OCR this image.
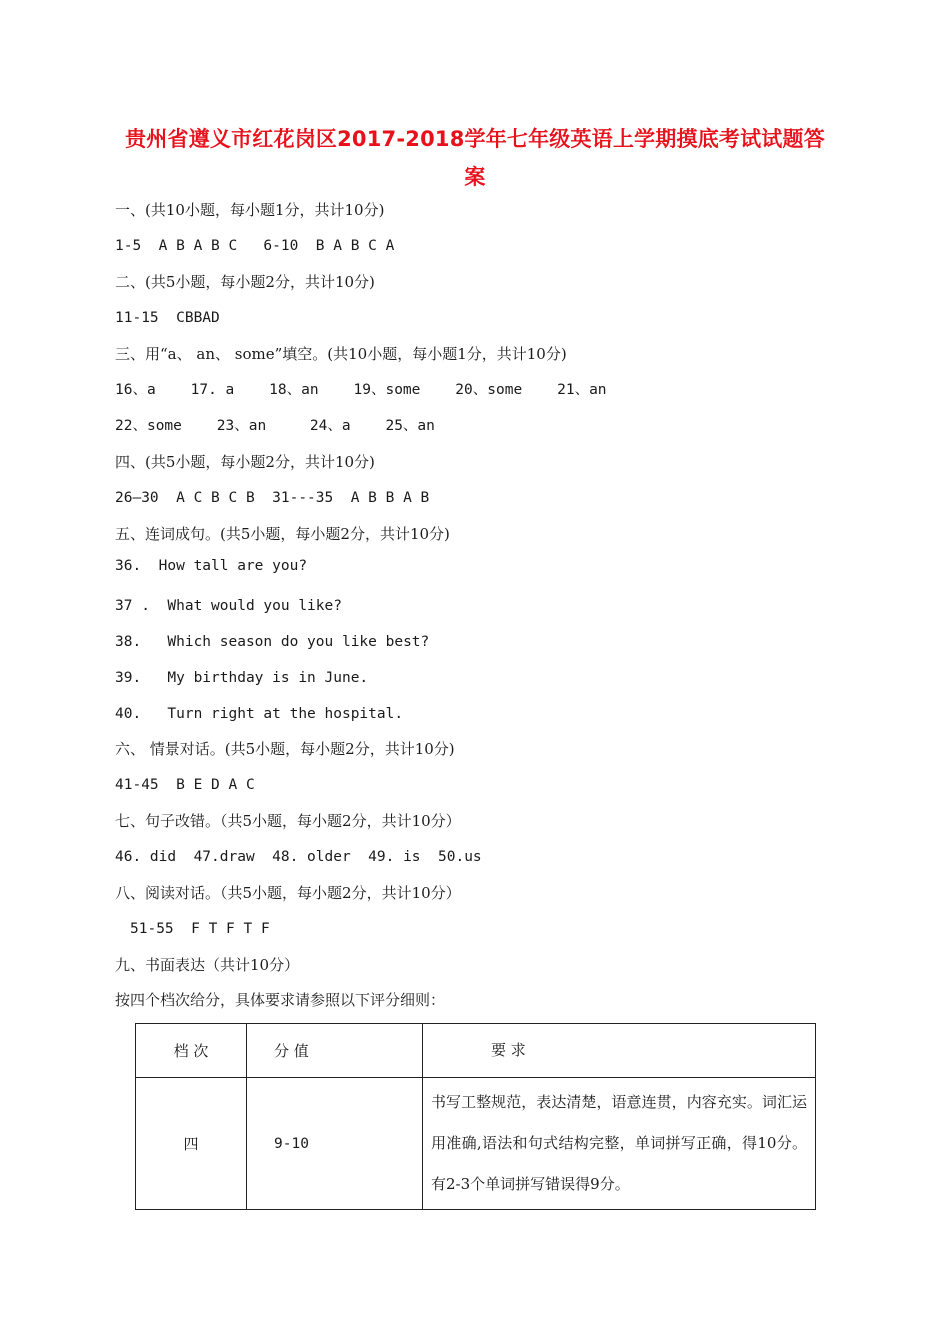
贵州省遵义市红花岗区2017-2018学年七年级英语上学期摸底考试试题答
案
一、(共10小题，每小题1分，共计10分)
1-5  A B A B C   6-10  B A B C A
二、(共5小题，每小题2分，共计10分)
11-15  CBBAD
三、用“a、 an、 some”填空。(共10小题，每小题1分，共计10分)
16、a    17. a    18、an    19、some    20、some    21、an
22、some    23、an     24、a    25、an
四、(共5小题，每小题2分，共计10分)
26—30  A C B C B  31---35  A B B A B
五、连词成句。(共5小题，每小题2分，共计10分)
36.  How tall are you?
37 .  What would you like?
38.   Which season do you like best?
39.   My birthday is in June.
40.   Turn right at the hospital.
六、 情景对话。(共5小题，每小题2分，共计10分)
41-45  B E D A C
七、句子改错。（共5小题，每小题2分，共计10分）
46. did  47.draw  48. older  49. is  50.us
八、阅读对话。（共5小题，每小题2分，共计10分）
51-55  F T F T F
九、书面表达（共计10分）
按四个档次给分，具体要求请参照以下评分细则：
档 次	分 值	要 求
四	9-10	书写工整规范，表达清楚，语意连贯，内容充实。词汇运用准确,语法和句式结构完整，单词拼写正确，得10分。有2-3个单词拼写错误得9分。
